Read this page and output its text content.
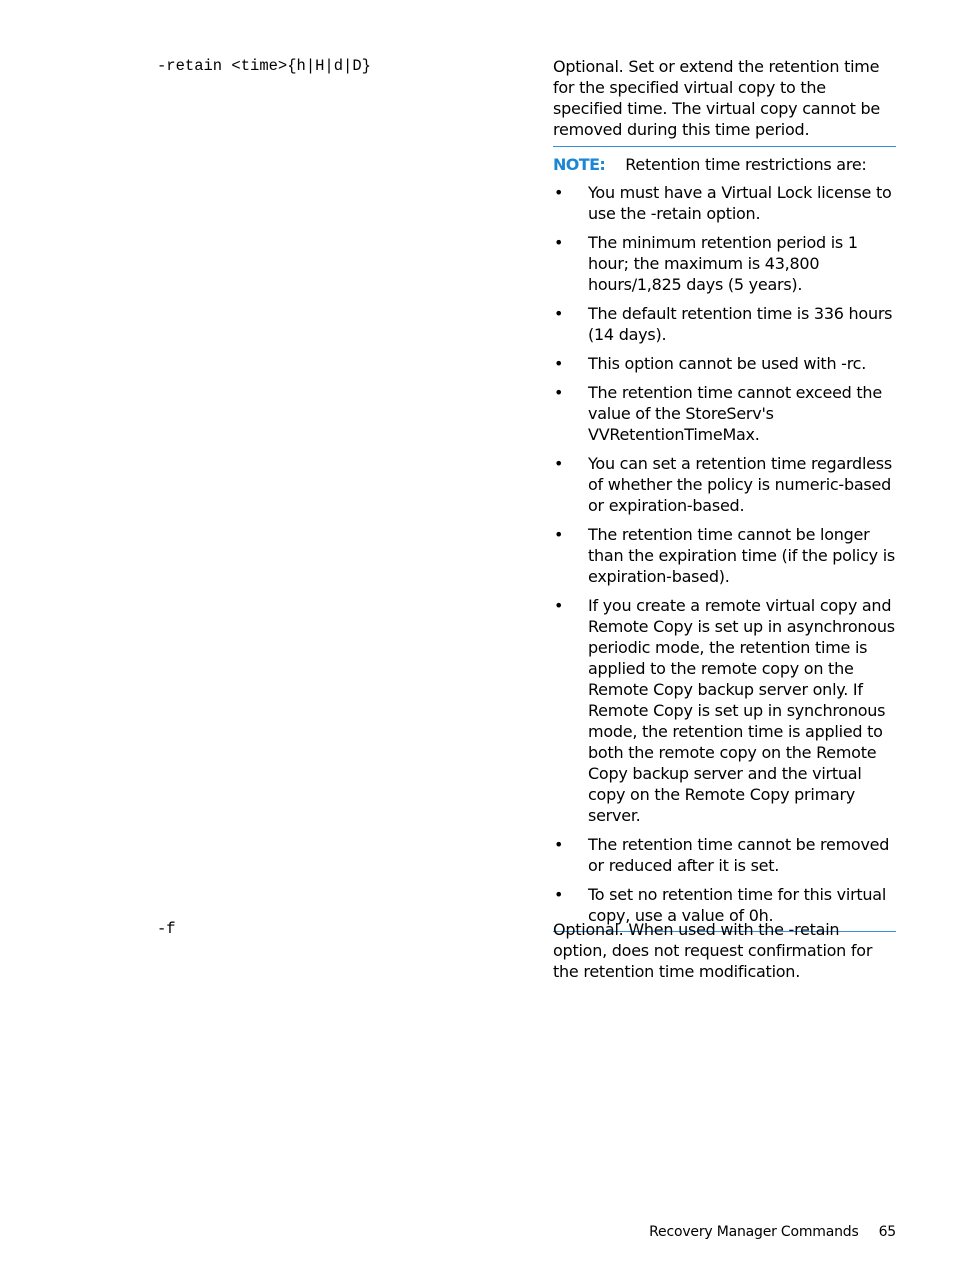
-retain <time>{h|H|d|D}	Optional. Set or extend the retention time for the specified virtual copy to the specified time. The virtual copy cannot be removed during this time period.

NOTE: Retention time restrictions are:

• You must have a Virtual Lock license to use the -retain option.
• The minimum retention period is 1 hour; the maximum is 43,800 hours/1,825 days (5 years).
• The default retention time is 336 hours (14 days).
• This option cannot be used with -rc.
• The retention time cannot exceed the value of the StoreServ's VVRetentionTimeMax.
• You can set a retention time regardless of whether the policy is numeric-based or expiration-based.
• The retention time cannot be longer than the expiration time (if the policy is expiration-based).
• If you create a remote virtual copy and Remote Copy is set up in asynchronous periodic mode, the retention time is applied to the remote copy on the Remote Copy backup server only. If Remote Copy is set up in synchronous mode, the retention time is applied to both the remote copy on the Remote Copy backup server and the virtual copy on the Remote Copy primary server.
• The retention time cannot be removed or reduced after it is set.
• To set no retention time for this virtual copy, use a value of 0h.
-f	Optional. When used with the -retain option, does not request confirmation for the retention time modification.

Recovery Manager Commands 65
